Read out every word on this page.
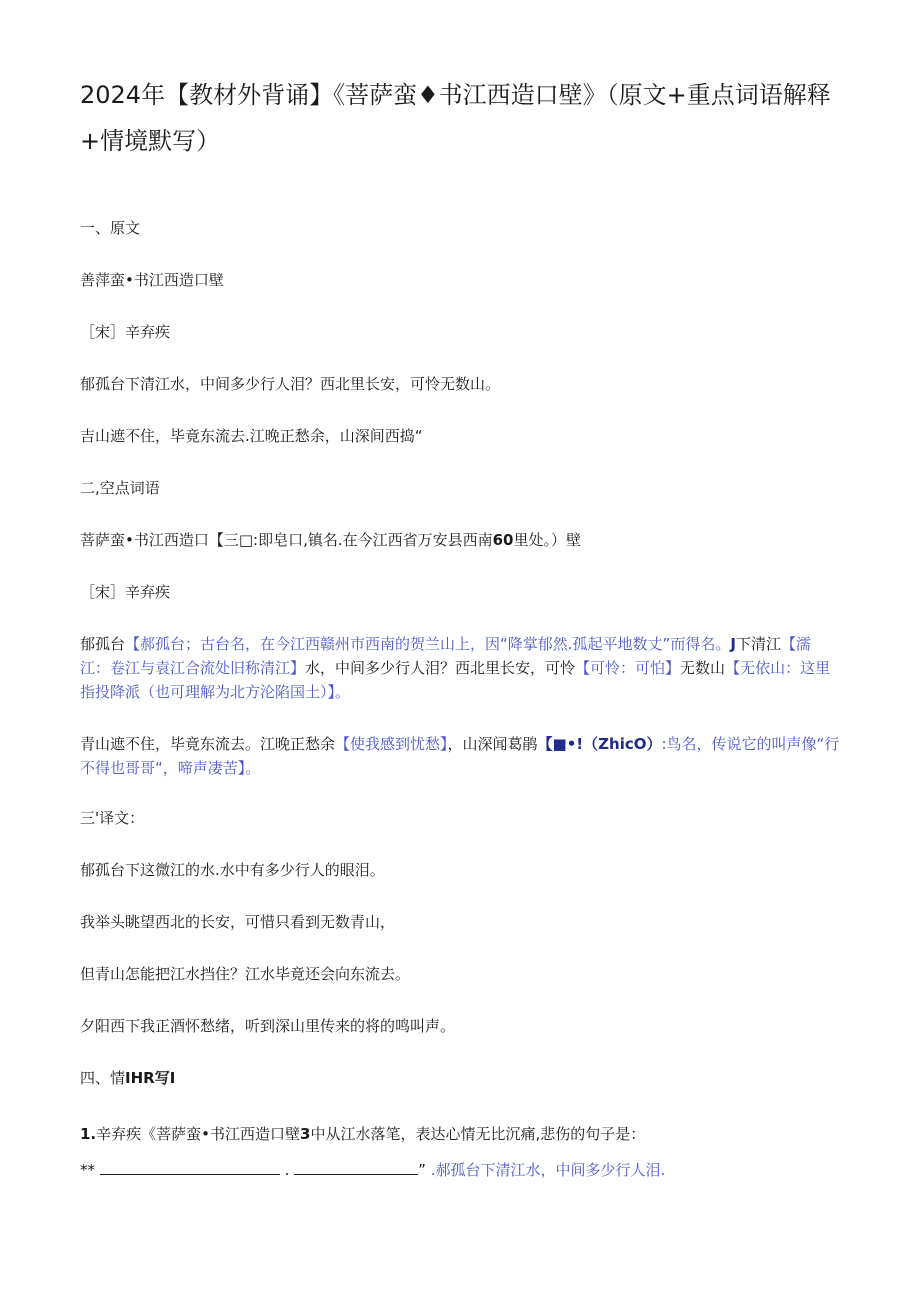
2024年【教材外背诵】《菩萨蛮♦书江西造口壁》（原文+重点词语解释+情境默写）
一、原文
善萍蛮•书江西造口壁
［宋］辛弃疾
郁孤台下清江水，中间多少行人泪？西北里长安，可怜无数山。
吉山遮不住，毕竟东流去.江晚正愁余，山深间西捣“
二,空点词语
菩萨蛮•书江西造口【三□:即皂口,镇名.在今江西省万安县西南60里处。）壁
［宋］辛弃疾
郁孤台【郝孤台；古台名，在今江西赣州市西南的贺兰山上，因“降掌郁然.孤起平地数丈”而得名。J下清江【濡江：卷江与袁江合流处旧称清江】水，中间多少行人泪？西北里长安，可怜【可怜：可怕】无数山【无依山：这里指投降派（也可理解为北方沦陷国土）】。
青山遮不住，毕竟东流去。江晚正愁余【使我感到忧愁】，山深闻葛鹃【■•!（ZhicO）:鸟名，传说它的叫声像“行不得也哥哥“，啼声凄苦】。
三'译文：
郁孤台下这微江的水.水中有多少行人的眼泪。
我举头眺望西北的长安，可惜只看到无数青山，
但青山怎能把江水挡住？江水毕竟还会向东流去。
夕阳西下我正酒怀愁绪，听到深山里传来的将的鸣叫声。
四、情IHR写I
1.辛弃疾《菩萨蛮•书江西造口壁3中从江水落笔，表达心情无比沉痛,悲伤的句子是：
**	.	” .郝孤台下清江水，中间多少行人泪.
